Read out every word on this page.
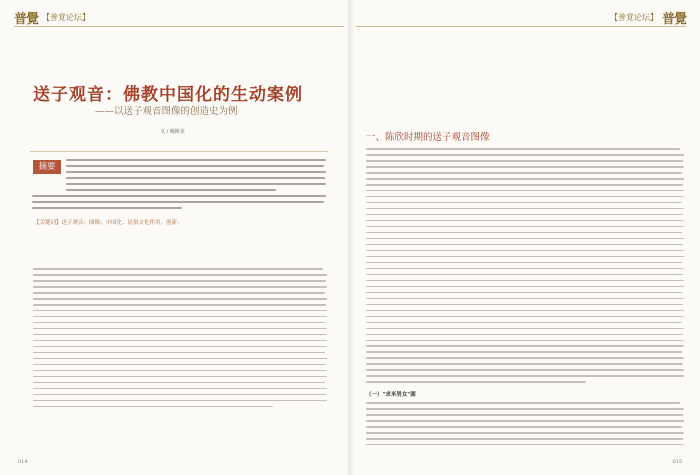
普覺 【普覚论坛】
送子观音：佛教中国化的生动案例
——以送子观音图像的创造史为例
文 / 杨斯克
摘要
【关键词】送子观音；图像；中国化；民俗文化作用；创新；
014
【普覚论坛】 普覺
一、陈欣时期的送子观音图像
（一）"求米男女"图
015
